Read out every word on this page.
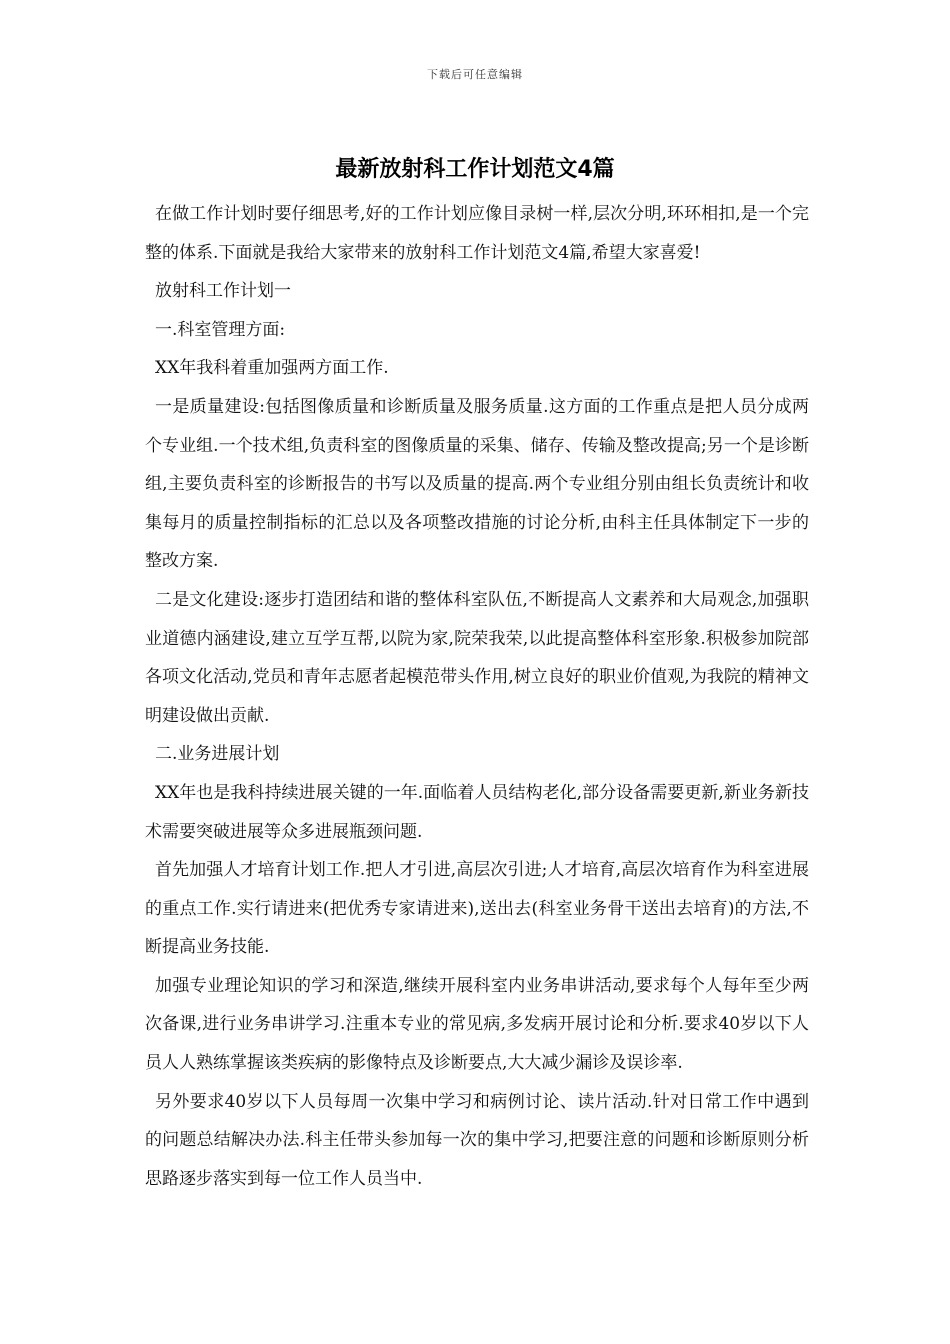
下载后可任意编辑
最新放射科工作计划范文4篇

在做工作计划时要仔细思考,好的工作计划应像目录树一样,层次分明,环环相扣,是一个完整的体系.下面就是我给大家带来的放射科工作计划范文4篇,希望大家喜爱!

放射科工作计划一

一.科室管理方面:

XX年我科着重加强两方面工作.

一是质量建设:包括图像质量和诊断质量及服务质量.这方面的工作重点是把人员分成两个专业组.一个技术组,负责科室的图像质量的采集、储存、传输及整改提高;另一个是诊断组,主要负责科室的诊断报告的书写以及质量的提高.两个专业组分别由组长负责统计和收集每月的质量控制指标的汇总以及各项整改措施的讨论分析,由科主任具体制定下一步的整改方案.

二是文化建设:逐步打造团结和谐的整体科室队伍,不断提高人文素养和大局观念,加强职业道德内涵建设,建立互学互帮,以院为家,院荣我荣,以此提高整体科室形象.积极参加院部各项文化活动,党员和青年志愿者起模范带头作用,树立良好的职业价值观,为我院的精神文明建设做出贡献.

二.业务进展计划

XX年也是我科持续进展关键的一年.面临着人员结构老化,部分设备需要更新,新业务新技术需要突破进展等众多进展瓶颈问题.

首先加强人才培育计划工作.把人才引进,高层次引进;人才培育,高层次培育作为科室进展的重点工作.实行请进来(把优秀专家请进来),送出去(科室业务骨干送出去培育)的方法,不断提高业务技能.

加强专业理论知识的学习和深造,继续开展科室内业务串讲活动,要求每个人每年至少两次备课,进行业务串讲学习.注重本专业的常见病,多发病开展讨论和分析.要求40岁以下人员人人熟练掌握该类疾病的影像特点及诊断要点,大大减少漏诊及误诊率.

另外要求40岁以下人员每周一次集中学习和病例讨论、读片活动.针对日常工作中遇到的问题总结解决办法.科主任带头参加每一次的集中学习,把要注意的问题和诊断原则分析思路逐步落实到每一位工作人员当中.
